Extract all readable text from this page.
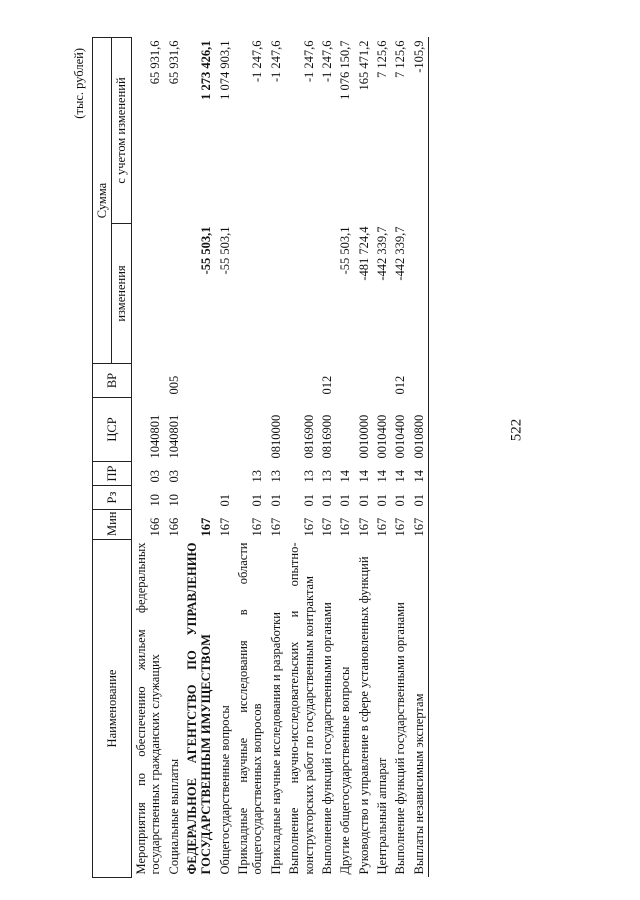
522
(тыс. рублей)
Наименование	Мин	Рз	ПР	ЦСР	ВР	Сумма	
						изменения	с учетом изменений
Мероприятия по обеспечению жильем федеральных государственных гражданских служащих	166	10	03	1040801			65 931,6
Социальные выплаты	166	10	03	1040801	005		65 931,6
ФЕДЕРАЛЬНОЕ АГЕНТСТВО ПО УПРАВЛЕНИЮ ГОСУДАРСТВЕННЫМ ИМУЩЕСТВОМ	167					-55 503,1	1 273 426,1
Общегосударственные вопросы	167	01				-55 503,1	1 074 903,1
Прикладные научные исследования в области общегосударственных вопросов	167	01	13				-1 247,6
Прикладные научные исследования и разработки	167	01	13	0810000			-1 247,6
Выполнение научно-исследовательских и опытно-конструкторских работ по государственным контрактам	167	01	13	0816900			-1 247,6
Выполнение функций государственными органами	167	01	13	0816900	012		-1 247,6
Другие общегосударственные вопросы	167	01	14			-55 503,1	1 076 150,7
Руководство и управление в сфере установленных функций	167	01	14	0010000		-481 724,4	165 471,2
Центральный аппарат	167	01	14	0010400		-442 339,7	7 125,6
Выполнение функций государственными органами	167	01	14	0010400	012	-442 339,7	7 125,6
Выплаты независимым экспертам	167	01	14	0010800			-105,9
